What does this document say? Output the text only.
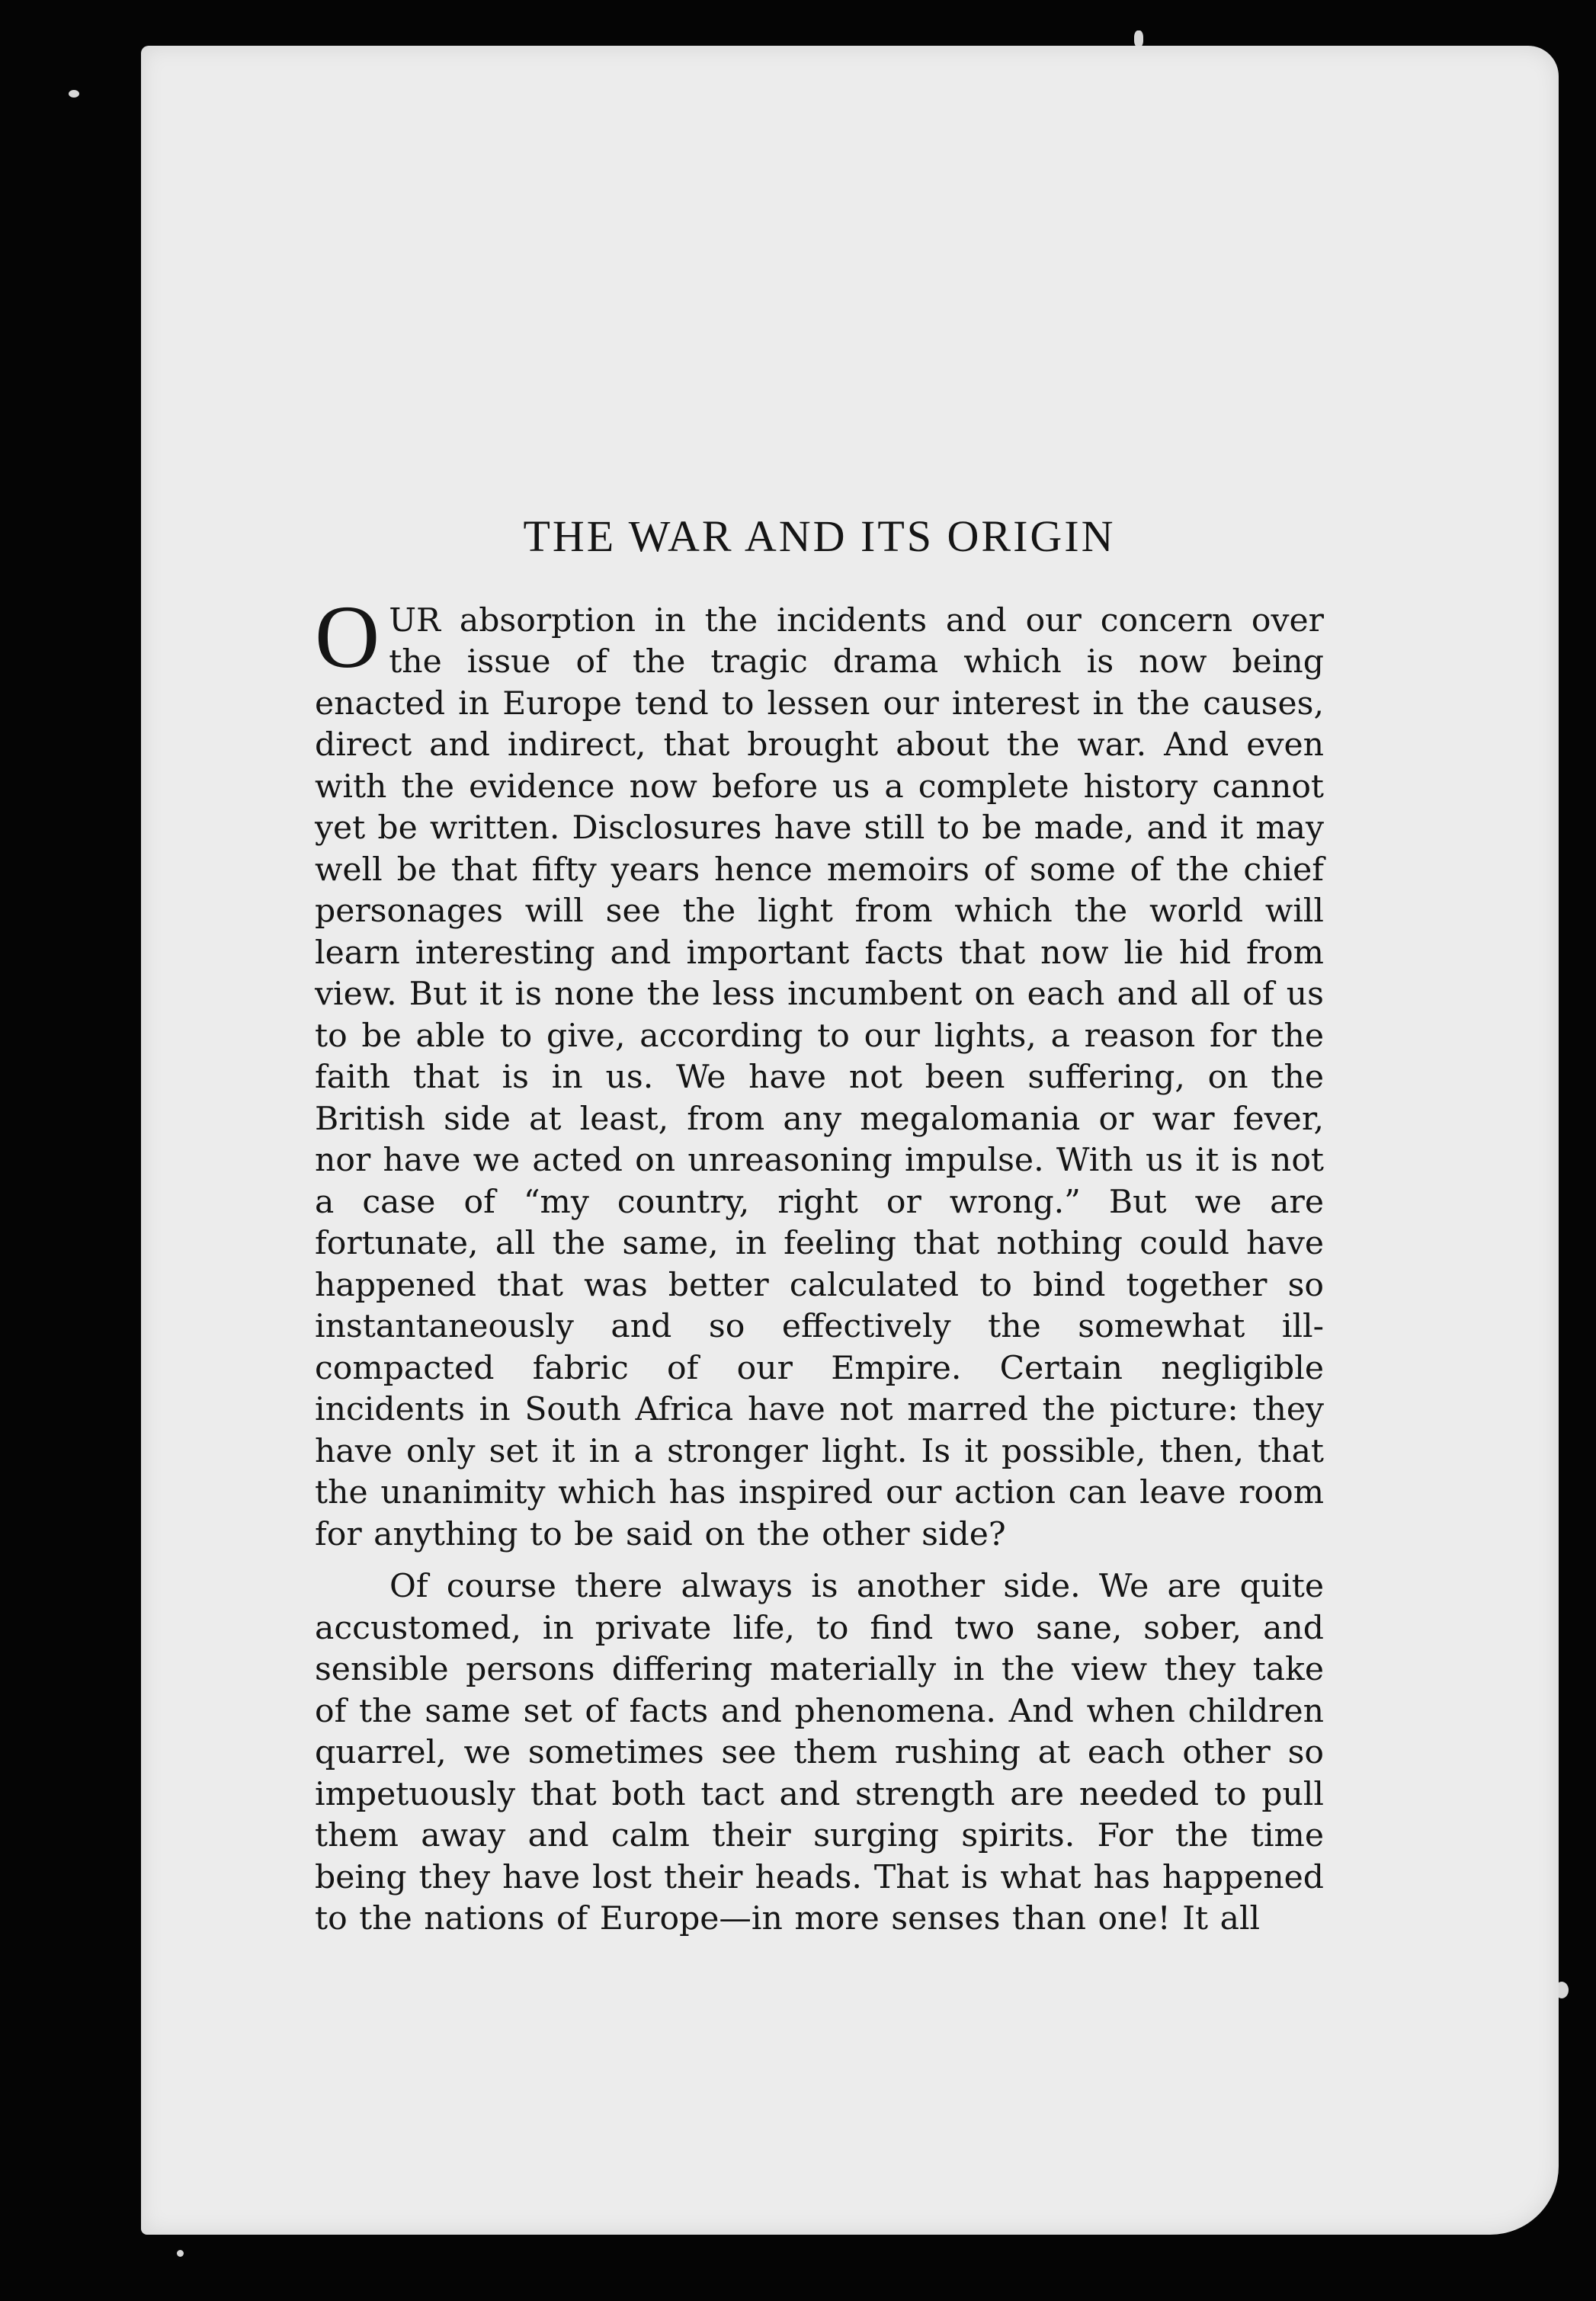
THE WAR AND ITS ORIGIN

OUR absorption in the incidents and our concern over the issue of the tragic drama which is now being enacted in Europe tend to lessen our interest in the causes, direct and indirect, that brought about the war. And even with the evidence now before us a complete history cannot yet be written. Disclosures have still to be made, and it may well be that fifty years hence memoirs of some of the chief personages will see the light from which the world will learn interesting and important facts that now lie hid from view. But it is none the less incumbent on each and all of us to be able to give, according to our lights, a reason for the faith that is in us. We have not been suffering, on the British side at least, from any megalomania or war fever, nor have we acted on unreasoning impulse. With us it is not a case of “my country, right or wrong.” But we are fortunate, all the same, in feeling that nothing could have happened that was better calculated to bind together so instantaneously and so effectively the somewhat ill-compacted fabric of our Empire. Certain negligible incidents in South Africa have not marred the picture: they have only set it in a stronger light. Is it possible, then, that the unanimity which has inspired our action can leave room for anything to be said on the other side?

Of course there always is another side. We are quite accustomed, in private life, to find two sane, sober, and sensible persons differing materially in the view they take of the same set of facts and phenomena. And when children quarrel, we sometimes see them rushing at each other so impetuously that both tact and strength are needed to pull them away and calm their surging spirits. For the time being they have lost their heads. That is what has happened to the nations of Europe—in more senses than one! It all
